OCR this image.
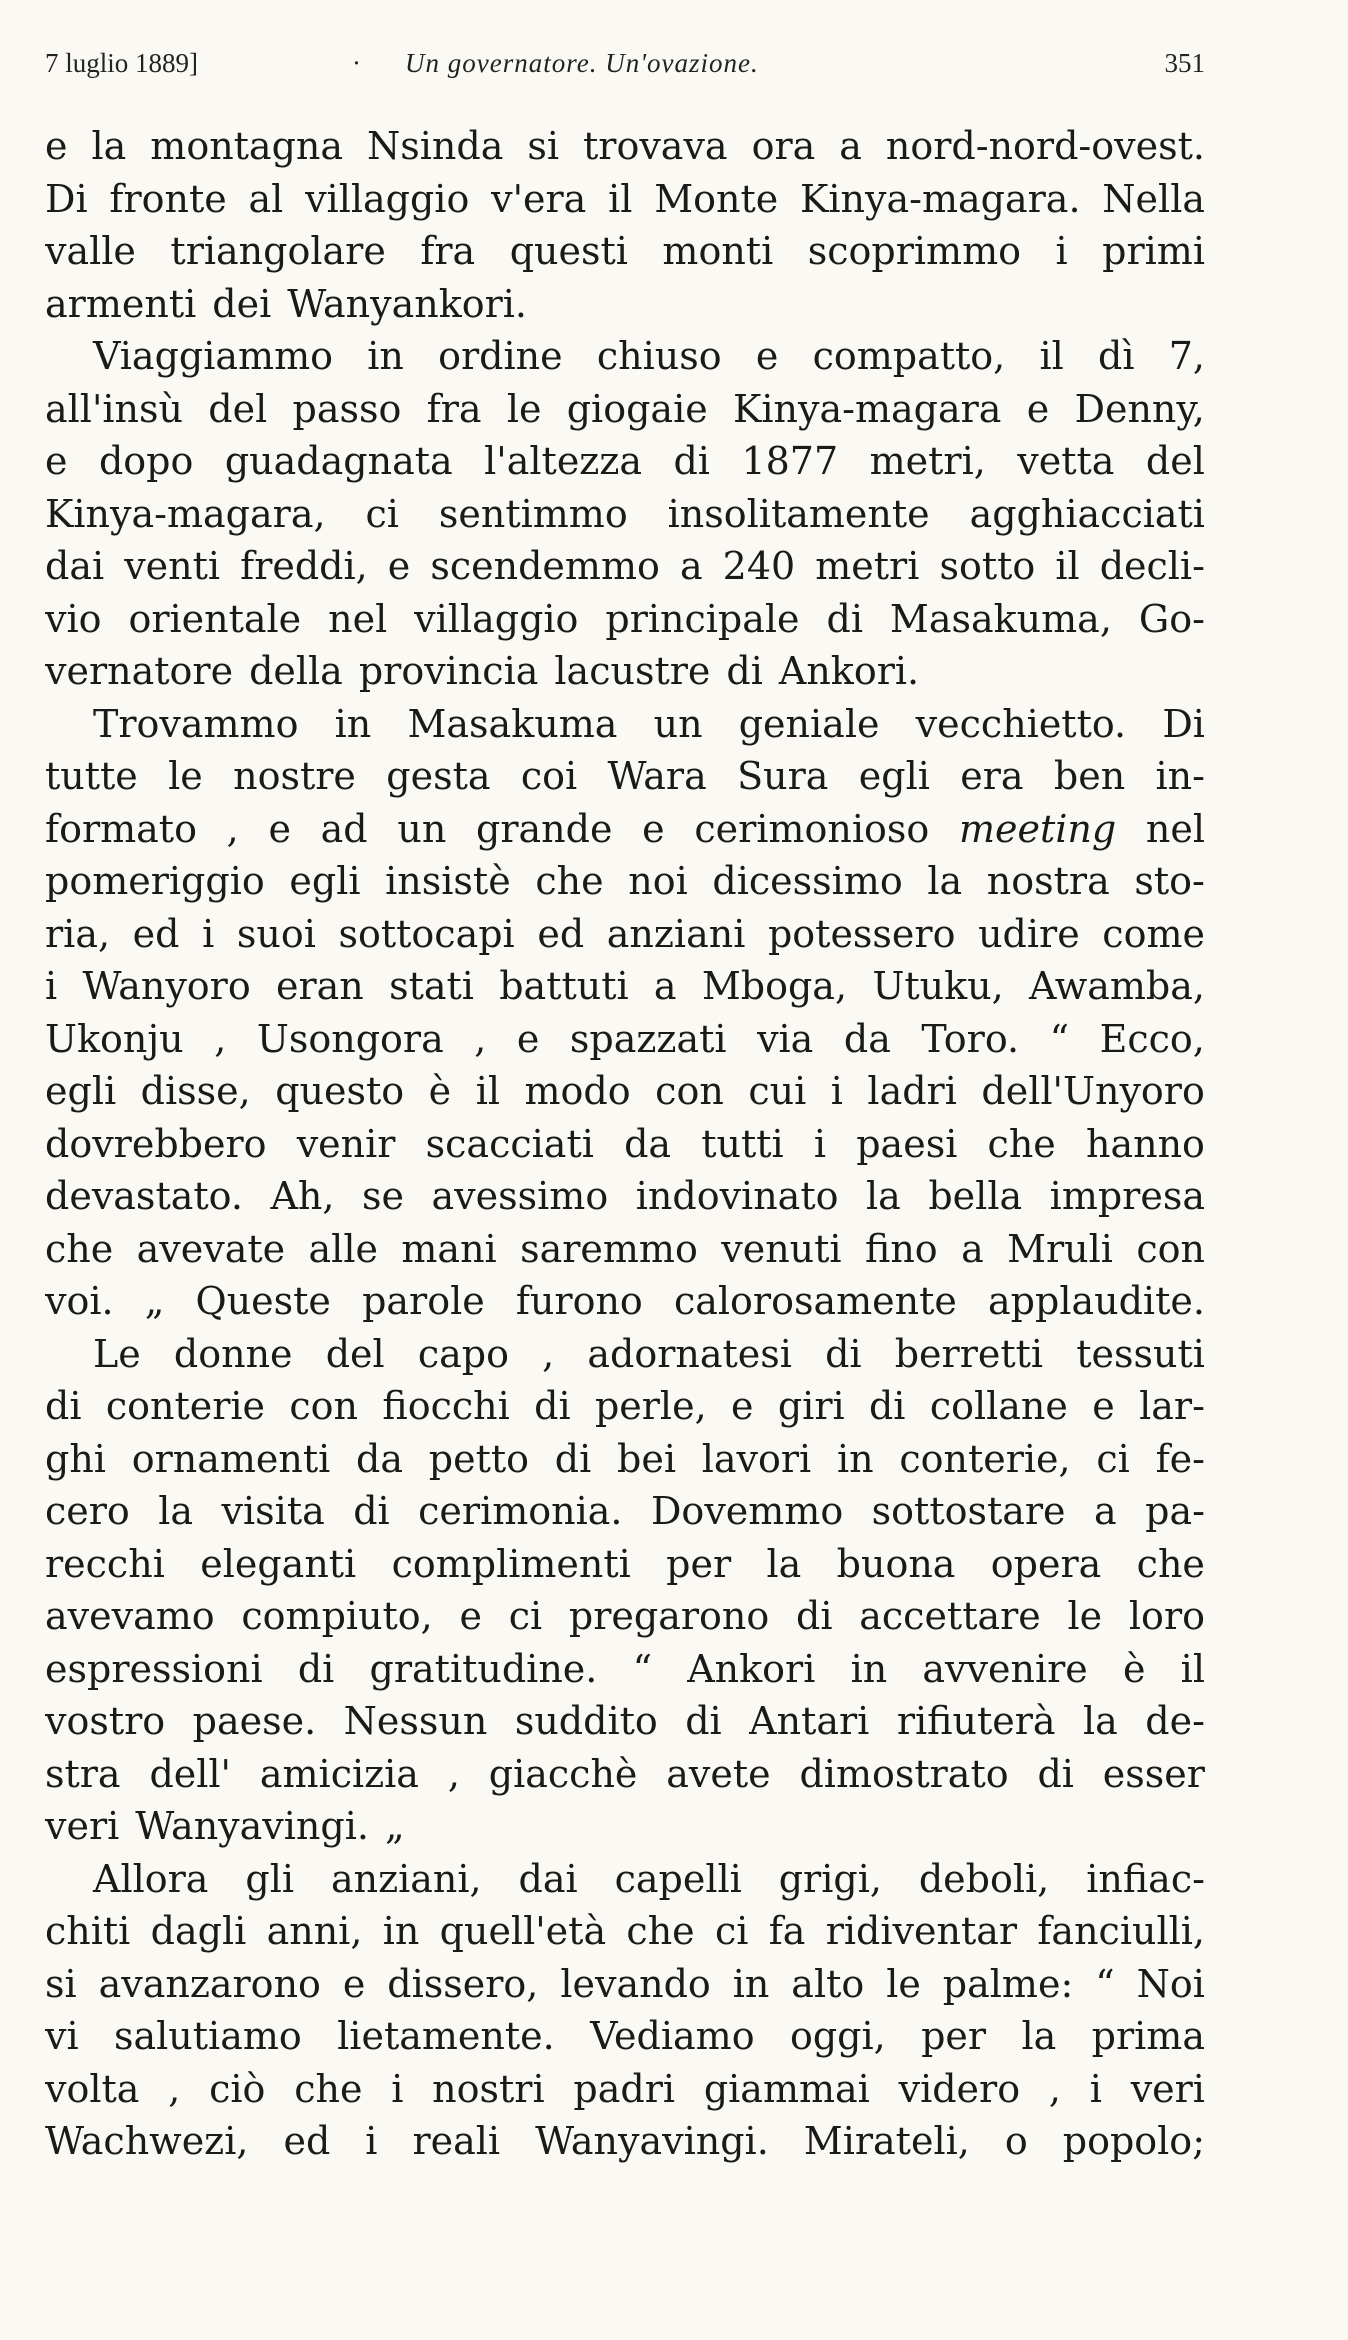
7 luglio 1889]	· Un governatore. Un'ovazione.	351
e la montagna Nsinda si trovava ora a nord-nord-ovest.
Di fronte al villaggio v'era il Monte Kinya-magara. Nella
valle triangolare fra questi monti scoprimmo i primi
armenti dei Wanyankori.
Viaggiammo in ordine chiuso e compatto, il dì 7,
all'insù del passo fra le giogaie Kinya-magara e Denny,
e dopo guadagnata l'altezza di 1877 metri, vetta del
Kinya-magara, ci sentimmo insolitamente agghiacciati
dai venti freddi, e scendemmo a 240 metri sotto il decli-
vio orientale nel villaggio principale di Masakuma, Go-
vernatore della provincia lacustre di Ankori.
Trovammo in Masakuma un geniale vecchietto. Di
tutte le nostre gesta coi Wara Sura egli era ben in-
formato , e ad un grande e cerimonioso meeting nel
pomeriggio egli insistè che noi dicessimo la nostra sto-
ria, ed i suoi sottocapi ed anziani potessero udire come
i Wanyoro eran stati battuti a Mboga, Utuku, Awamba,
Ukonju , Usongora , e spazzati via da Toro. “ Ecco,
egli disse, questo è il modo con cui i ladri dell'Unyoro
dovrebbero venir scacciati da tutti i paesi che hanno
devastato. Ah, se avessimo indovinato la bella impresa
che avevate alle mani saremmo venuti fino a Mruli con
voi. „ Queste parole furono calorosamente applaudite.
Le donne del capo , adornatesi di berretti tessuti
di conterie con fiocchi di perle, e giri di collane e lar-
ghi ornamenti da petto di bei lavori in conterie, ci fe-
cero la visita di cerimonia. Dovemmo sottostare a pa-
recchi eleganti complimenti per la buona opera che
avevamo compiuto, e ci pregarono di accettare le loro
espressioni di gratitudine. “ Ankori in avvenire è il
vostro paese. Nessun suddito di Antari rifiuterà la de-
stra dell' amicizia , giacchè avete dimostrato di esser
veri Wanyavingi. „
Allora gli anziani, dai capelli grigi, deboli, infiac-
chiti dagli anni, in quell'età che ci fa ridiventar fanciulli,
si avanzarono e dissero, levando in alto le palme: “ Noi
vi salutiamo lietamente. Vediamo oggi, per la prima
volta , ciò che i nostri padri giammai videro , i veri
Wachwezi, ed i reali Wanyavingi. Mirateli, o popolo;
